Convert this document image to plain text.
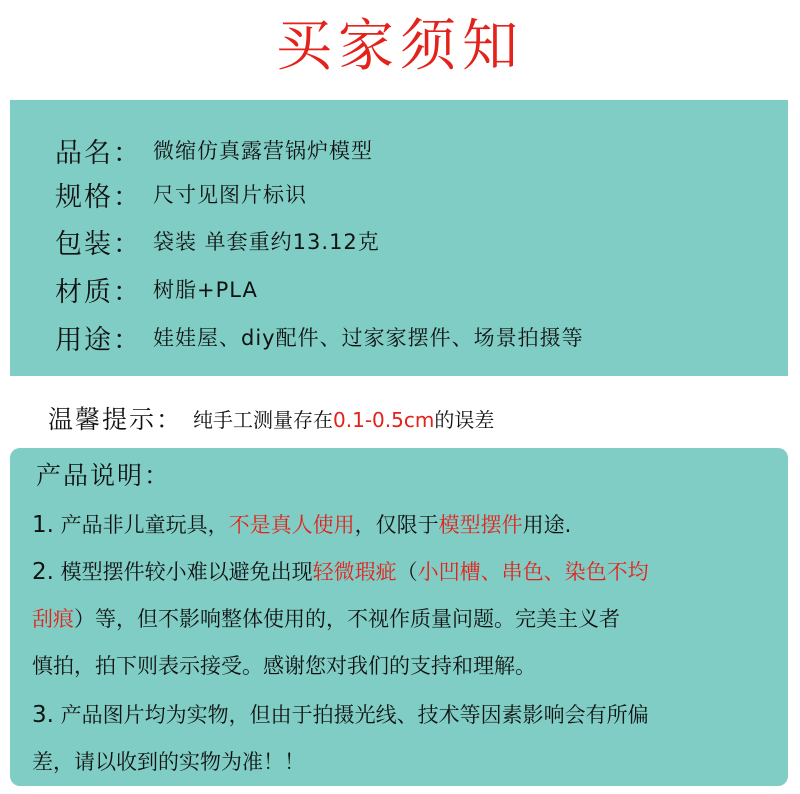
买家须知
品名： 微缩仿真露营锅炉模型
规格： 尺寸见图片标识
包装： 袋装 单套重约13.12克
材质： 树脂+PLA
用途： 娃娃屋、diy配件、过家家摆件、场景拍摄等
温馨提示： 纯手工测量存在0.1-0.5cm的误差
产品说明：
1. 产品非儿童玩具，不是真人使用，仅限于模型摆件用途.
2. 模型摆件较小难以避免出现轻微瑕疵（小凹槽、串色、染色不均
刮痕）等，但不影响整体使用的，不视作质量问题。完美主义者
慎拍，拍下则表示接受。感谢您对我们的支持和理解。
3. 产品图片均为实物，但由于拍摄光线、技术等因素影响会有所偏
差，请以收到的实物为准！！
